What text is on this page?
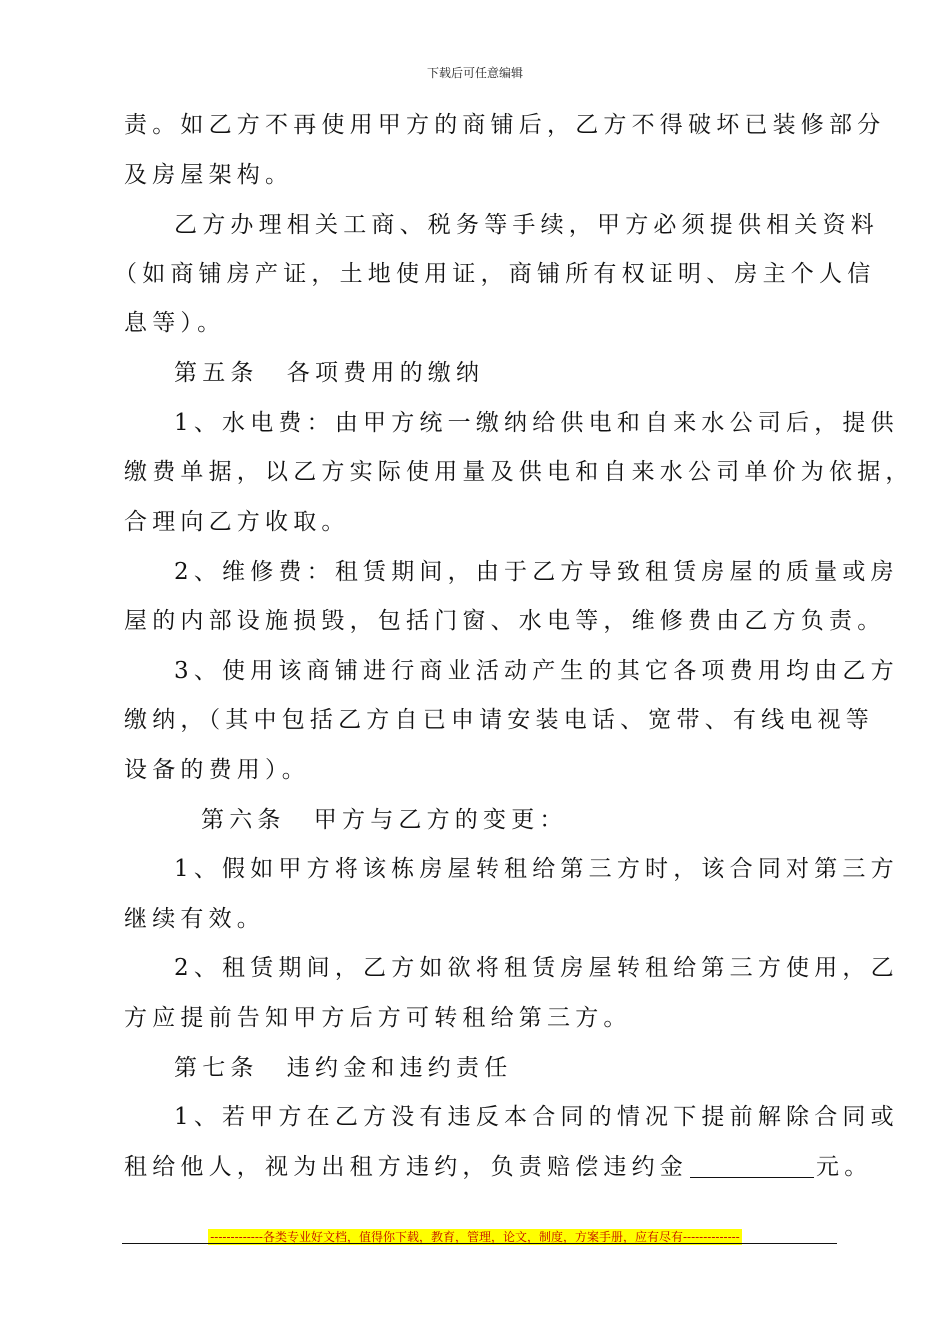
下载后可任意编辑
责。如乙方不再使用甲方的商铺后，乙方不得破坏已装修部分
及房屋架构。
乙方办理相关工商、税务等手续，甲方必须提供相关资料
（如商铺房产证，土地使用证，商铺所有权证明、房主个人信
息等）。
第五条　各项费用的缴纳
1、水电费：由甲方统一缴纳给供电和自来水公司后，提供
缴费单据，以乙方实际使用量及供电和自来水公司单价为依据，
合理向乙方收取。
2、维修费：租赁期间，由于乙方导致租赁房屋的质量或房
屋的内部设施损毁，包括门窗、水电等，维修费由乙方负责。
3、使用该商铺进行商业活动产生的其它各项费用均由乙方
缴纳，（其中包括乙方自已申请安装电话、宽带、有线电视等
设备的费用）。
第六条　甲方与乙方的变更：
1、假如甲方将该栋房屋转租给第三方时，该合同对第三方
继续有效。
2、租赁期间，乙方如欲将租赁房屋转租给第三方使用，乙
方应提前告知甲方后方可转租给第三方。
第七条　违约金和违约责任
1、若甲方在乙方没有违反本合同的情况下提前解除合同或
租给他人，视为出租方违约，负责赔偿违约金	元。
-------------各类专业好文档，值得你下载，教育，管理，论文，制度，方案手册，应有尽有--------------
